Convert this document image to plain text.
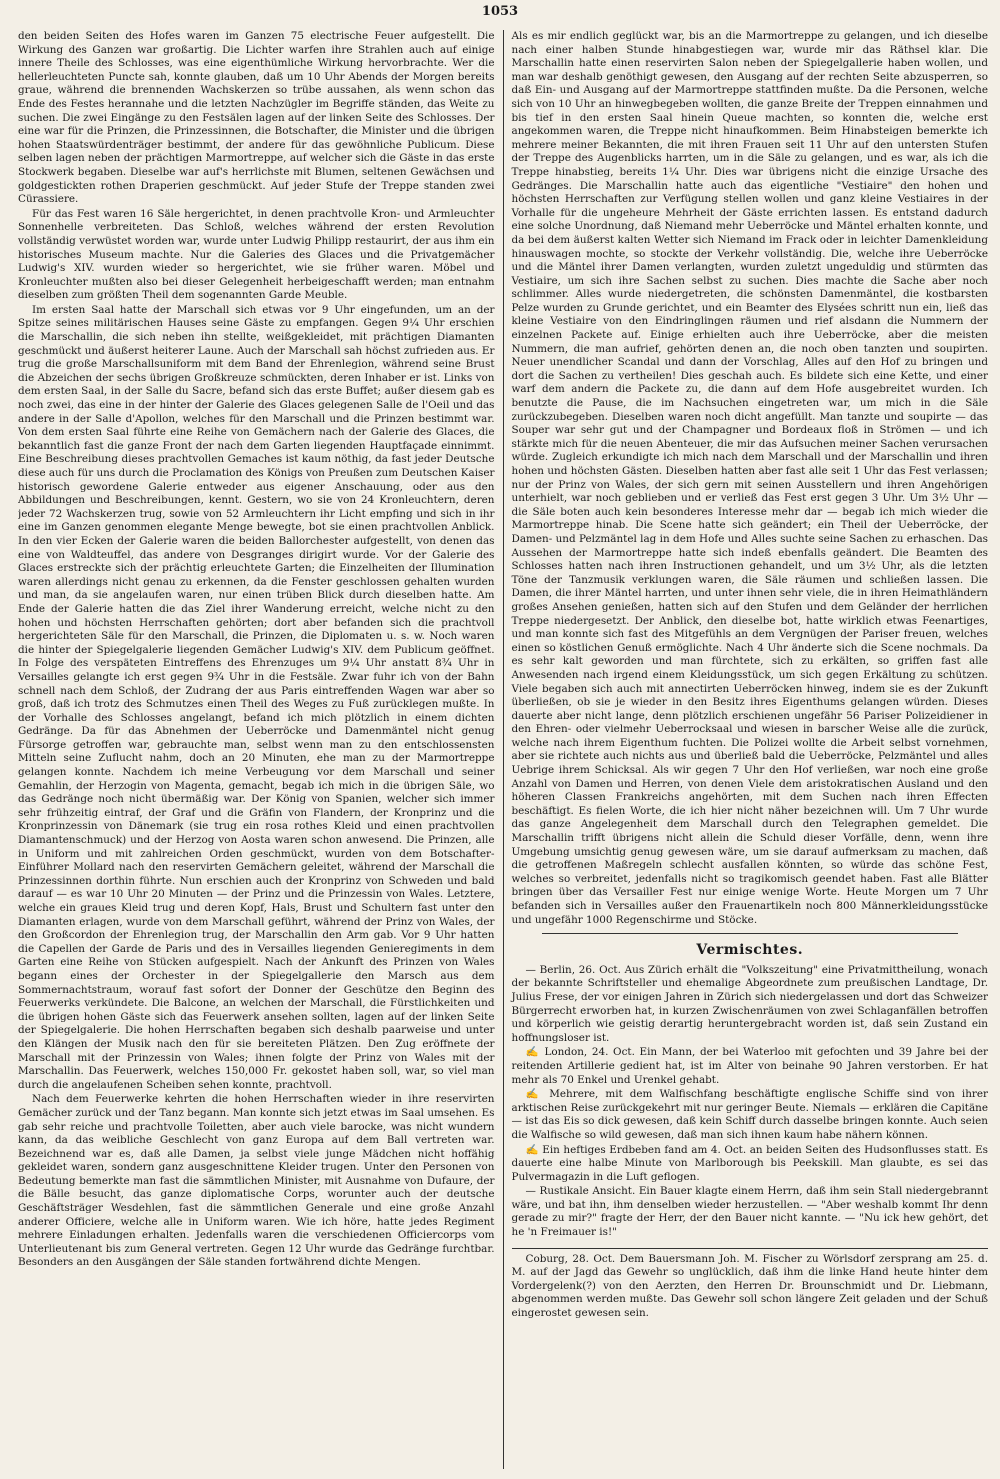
1053

den beiden Seiten des Hofes waren im Ganzen 75 electrische Feuer aufgestellt. Die Wirkung des Ganzen war großartig. Die Lichter warfen ihre Strahlen auch auf einige innere Theile des Schlosses, was eine eigenthümliche Wirkung hervorbrachte. Wer die hellerleuchteten Puncte sah, konnte glauben, daß um 10 Uhr Abends der Morgen bereits graue, während die brennenden Wachskerzen so trübe aussahen, als wenn schon das Ende des Festes herannahe und die letzten Nachzügler im Begriffe ständen, das Weite zu suchen. Die zwei Eingänge zu den Festsälen lagen auf der linken Seite des Schlosses. Der eine war für die Prinzen, die Prinzessinnen, die Botschafter, die Minister und die übrigen hohen Staatswürdenträger bestimmt, der andere für das gewöhnliche Publicum. Diese selben lagen neben der prächtigen Marmortreppe, auf welcher sich die Gäste in das erste Stockwerk begaben. Dieselbe war auf's herrlichste mit Blumen, seltenen Gewächsen und goldgestickten rothen Draperien geschmückt. Auf jeder Stufe der Treppe standen zwei Cürassiere.

Für das Fest waren 16 Säle hergerichtet, in denen prachtvolle Kron- und Armleuchter Sonnenhelle verbreiteten. Das Schloß, welches während der ersten Revolution vollständig verwüstet worden war, wurde unter Ludwig Philipp restaurirt, der aus ihm ein historisches Museum machte. Nur die Galeries des Glaces und die Privatgemächer Ludwig's XIV. wurden wieder so hergerichtet, wie sie früher waren. Möbel und Kronleuchter mußten also bei dieser Gelegenheit herbeigeschafft werden; man entnahm dieselben zum größten Theil dem sogenannten Garde Meuble.

Im ersten Saal hatte der Marschall sich etwas vor 9 Uhr eingefunden, um an der Spitze seines militärischen Hauses seine Gäste zu empfangen. Gegen 9¼ Uhr erschien die Marschallin, die sich neben ihn stellte, weißgekleidet, mit prächtigen Diamanten geschmückt und äußerst heiterer Laune. Auch der Marschall sah höchst zufrieden aus. Er trug die große Marschallsuniform mit dem Band der Ehrenlegion, während seine Brust die Abzeichen der sechs übrigen Großkreuze schmückten, deren Inhaber er ist. Links von dem ersten Saal, in der Salle du Sacre, befand sich das erste Buffet; außer diesem gab es noch zwei, das eine in der hinter der Galerie des Glaces gelegenen Salle de l'Oeil und das andere in der Salle d'Apollon, welches für den Marschall und die Prinzen bestimmt war. Von dem ersten Saal führte eine Reihe von Gemächern nach der Galerie des Glaces, die bekanntlich fast die ganze Front der nach dem Garten liegenden Hauptfaçade einnimmt. Eine Beschreibung dieses prachtvollen Gemaches ist kaum nöthig, da fast jeder Deutsche diese auch für uns durch die Proclamation des Königs von Preußen zum Deutschen Kaiser historisch gewordene Galerie entweder aus eigener Anschauung, oder aus den Abbildungen und Beschreibungen, kennt. Gestern, wo sie von 24 Kronleuchtern, deren jeder 72 Wachskerzen trug, sowie von 52 Armleuchtern ihr Licht empfing und sich in ihr eine im Ganzen genommen elegante Menge bewegte, bot sie einen prachtvollen Anblick. In den vier Ecken der Galerie waren die beiden Ballorchester aufgestellt, von denen das eine von Waldteuffel, das andere von Desgranges dirigirt wurde. Vor der Galerie des Glaces erstreckte sich der prächtig erleuchtete Garten; die Einzelheiten der Illumination waren allerdings nicht genau zu erkennen, da die Fenster geschlossen gehalten wurden und man, da sie angelaufen waren, nur einen trüben Blick durch dieselben hatte. Am Ende der Galerie hatten die das Ziel ihrer Wanderung erreicht, welche nicht zu den hohen und höchsten Herrschaften gehörten; dort aber befanden sich die prachtvoll hergerichteten Säle für den Marschall, die Prinzen, die Diplomaten u. s. w. Noch waren die hinter der Spiegelgalerie liegenden Gemächer Ludwig's XIV. dem Publicum geöffnet. In Folge des verspäteten Eintreffens des Ehrenzuges um 9¼ Uhr anstatt 8¾ Uhr in Versailles gelangte ich erst gegen 9¾ Uhr in die Festsäle. Zwar fuhr ich von der Bahn schnell nach dem Schloß, der Zudrang der aus Paris eintreffenden Wagen war aber so groß, daß ich trotz des Schmutzes einen Theil des Weges zu Fuß zurücklegen mußte. In der Vorhalle des Schlosses angelangt, befand ich mich plötzlich in einem dichten Gedränge. Da für das Abnehmen der Ueberröcke und Damenmäntel nicht genug Fürsorge getroffen war, gebrauchte man, selbst wenn man zu den entschlossensten Mitteln seine Zuflucht nahm, doch an 20 Minuten, ehe man zu der Marmortreppe gelangen konnte. Nachdem ich meine Verbeugung vor dem Marschall und seiner Gemahlin, der Herzogin von Magenta, gemacht, begab ich mich in die übrigen Säle, wo das Gedränge noch nicht übermäßig war. Der König von Spanien, welcher sich immer sehr frühzeitig eintraf, der Graf und die Gräfin von Flandern, der Kronprinz und die Kronprinzessin von Dänemark (sie trug ein rosa rothes Kleid und einen prachtvollen Diamantenschmuck) und der Herzog von Aosta waren schon anwesend. Die Prinzen, alle in Uniform und mit zahlreichen Orden geschmückt, wurden von dem Botschafter-Einführer Mollard nach den reservirten Gemächern geleitet, während der Marschall die Prinzessinnen dorthin führte. Nun erschien auch der Kronprinz von Schweden und bald darauf — es war 10 Uhr 20 Minuten — der Prinz und die Prinzessin von Wales. Letztere, welche ein graues Kleid trug und deren Kopf, Hals, Brust und Schultern fast unter den Diamanten erlagen, wurde von dem Marschall geführt, während der Prinz von Wales, der den Großcordon der Ehrenlegion trug, der Marschallin den Arm gab. Vor 9 Uhr hatten die Capellen der Garde de Paris und des in Versailles liegenden Genieregiments in dem Garten eine Reihe von Stücken aufgespielt. Nach der Ankunft des Prinzen von Wales begann eines der Orchester in der Spiegelgallerie den Marsch aus dem Sommernachtstraum, worauf fast sofort der Donner der Geschütze den Beginn des Feuerwerks verkündete. Die Balcone, an welchen der Marschall, die Fürstlichkeiten und die übrigen hohen Gäste sich das Feuerwerk ansehen sollten, lagen auf der linken Seite der Spiegelgalerie. Die hohen Herrschaften begaben sich deshalb paarweise und unter den Klängen der Musik nach den für sie bereiteten Plätzen. Den Zug eröffnete der Marschall mit der Prinzessin von Wales; ihnen folgte der Prinz von Wales mit der Marschallin. Das Feuerwerk, welches 150,000 Fr. gekostet haben soll, war, so viel man durch die angelaufenen Scheiben sehen konnte, prachtvoll.

Nach dem Feuerwerke kehrten die hohen Herrschaften wieder in ihre reservirten Gemächer zurück und der Tanz begann. Man konnte sich jetzt etwas im Saal umsehen. Es gab sehr reiche und prachtvolle Toiletten, aber auch viele barocke, was nicht wundern kann, da das weibliche Geschlecht von ganz Europa auf dem Ball vertreten war. Bezeichnend war es, daß alle Damen, ja selbst viele junge Mädchen nicht hoffähig gekleidet waren, sondern ganz ausgeschnittene Kleider trugen. Unter den Personen von Bedeutung bemerkte man fast die sämmtlichen Minister, mit Ausnahme von Dufaure, der die Bälle besucht, das ganze diplomatische Corps, worunter auch der deutsche Geschäftsträger Wesdehlen, fast die sämmtlichen Generale und eine große Anzahl anderer Officiere, welche alle in Uniform waren. Wie ich höre, hatte jedes Regiment mehrere Einladungen erhalten. Jedenfalls waren die verschiedenen Officiercorps vom Unterlieutenant bis zum General vertreten. Gegen 12 Uhr wurde das Gedränge furchtbar. Besonders an den Ausgängen der Säle standen fortwährend dichte Mengen.

Als es mir endlich geglückt war, bis an die Marmortreppe zu gelangen, und ich dieselbe nach einer halben Stunde hinabgestiegen war, wurde mir das Räthsel klar. Die Marschallin hatte einen reservirten Salon neben der Spiegelgallerie haben wollen, und man war deshalb genöthigt gewesen, den Ausgang auf der rechten Seite abzusperren, so daß Ein- und Ausgang auf der Marmortreppe stattfinden mußte. Da die Personen, welche sich von 10 Uhr an hinwegbegeben wollten, die ganze Breite der Treppen einnahmen und bis tief in den ersten Saal hinein Queue machten, so konnten die, welche erst angekommen waren, die Treppe nicht hinaufkommen. Beim Hinabsteigen bemerkte ich mehrere meiner Bekannten, die mit ihren Frauen seit 11 Uhr auf den untersten Stufen der Treppe des Augenblicks harrten, um in die Säle zu gelangen, und es war, als ich die Treppe hinabstieg, bereits 1¼ Uhr. Dies war übrigens nicht die einzige Ursache des Gedränges. Die Marschallin hatte auch das eigentliche "Vestiaire" den hohen und höchsten Herrschaften zur Verfügung stellen wollen und ganz kleine Vestiaires in der Vorhalle für die ungeheure Mehrheit der Gäste errichten lassen. Es entstand dadurch eine solche Unordnung, daß Niemand mehr Ueberröcke und Mäntel erhalten konnte, und da bei dem äußerst kalten Wetter sich Niemand im Frack oder in leichter Damenkleidung hinauswagen mochte, so stockte der Verkehr vollständig. Die, welche ihre Ueberröcke und die Mäntel ihrer Damen verlangten, wurden zuletzt ungeduldig und stürmten das Vestiaire, um sich ihre Sachen selbst zu suchen. Dies machte die Sache aber noch schlimmer. Alles wurde niedergetreten, die schönsten Damenmäntel, die kostbarsten Pelze wurden zu Grunde gerichtet, und ein Beamter des Elysées schritt nun ein, ließ das kleine Vestiaire von den Eindringlingen räumen und rief alsdann die Nummern der einzelnen Packete auf. Einige erhielten auch ihre Ueberröcke, aber die meisten Nummern, die man aufrief, gehörten denen an, die noch oben tanzten und soupirten. Neuer unendlicher Scandal und dann der Vorschlag, Alles auf den Hof zu bringen und dort die Sachen zu vertheilen! Dies geschah auch. Es bildete sich eine Kette, und einer warf dem andern die Packete zu, die dann auf dem Hofe ausgebreitet wurden. Ich benutzte die Pause, die im Nachsuchen eingetreten war, um mich in die Säle zurückzubegeben. Dieselben waren noch dicht angefüllt. Man tanzte und soupirte — das Souper war sehr gut und der Champagner und Bordeaux floß in Strömen — und ich stärkte mich für die neuen Abenteuer, die mir das Aufsuchen meiner Sachen verursachen würde. Zugleich erkundigte ich mich nach dem Marschall und der Marschallin und ihren hohen und höchsten Gästen. Dieselben hatten aber fast alle seit 1 Uhr das Fest verlassen; nur der Prinz von Wales, der sich gern mit seinen Ausstellern und ihren Angehörigen unterhielt, war noch geblieben und er verließ das Fest erst gegen 3 Uhr. Um 3½ Uhr — die Säle boten auch kein besonderes Interesse mehr dar — begab ich mich wieder die Marmortreppe hinab. Die Scene hatte sich geändert; ein Theil der Ueberröcke, der Damen- und Pelzmäntel lag in dem Hofe und Alles suchte seine Sachen zu erhaschen. Das Aussehen der Marmortreppe hatte sich indeß ebenfalls geändert. Die Beamten des Schlosses hatten nach ihren Instructionen gehandelt, und um 3½ Uhr, als die letzten Töne der Tanzmusik verklungen waren, die Säle räumen und schließen lassen. Die Damen, die ihrer Mäntel harrten, und unter ihnen sehr viele, die in ihren Heimathländern großes Ansehen genießen, hatten sich auf den Stufen und dem Geländer der herrlichen Treppe niedergesetzt. Der Anblick, den dieselbe bot, hatte wirklich etwas Feenartiges, und man konnte sich fast des Mitgefühls an dem Vergnügen der Pariser freuen, welches einen so köstlichen Genuß ermöglichte. Nach 4 Uhr änderte sich die Scene nochmals. Da es sehr kalt geworden und man fürchtete, sich zu erkälten, so griffen fast alle Anwesenden nach irgend einem Kleidungsstück, um sich gegen Erkältung zu schützen. Viele begaben sich auch mit annectirten Ueberröcken hinweg, indem sie es der Zukunft überließen, ob sie je wieder in den Besitz ihres Eigenthums gelangen würden. Dieses dauerte aber nicht lange, denn plötzlich erschienen ungefähr 56 Pariser Polizeidiener in den Ehren- oder vielmehr Ueberrocksaal und wiesen in barscher Weise alle die zurück, welche nach ihrem Eigenthum fuchten. Die Polizei wollte die Arbeit selbst vornehmen, aber sie richtete auch nichts aus und überließ bald die Ueberröcke, Pelzmäntel und alles Uebrige ihrem Schicksal. Als wir gegen 7 Uhr den Hof verließen, war noch eine große Anzahl von Damen und Herren, von denen Viele dem aristokratischen Ausland und den höheren Classen Frankreichs angehörten, mit dem Suchen nach ihren Effecten beschäftigt. Es fielen Worte, die ich hier nicht näher bezeichnen will. Um 7 Uhr wurde das ganze Angelegenheit dem Marschall durch den Telegraphen gemeldet. Die Marschallin trifft übrigens nicht allein die Schuld dieser Vorfälle, denn, wenn ihre Umgebung umsichtig genug gewesen wäre, um sie darauf aufmerksam zu machen, daß die getroffenen Maßregeln schlecht ausfallen könnten, so würde das schöne Fest, welches so verbreitet, jedenfalls nicht so tragikomisch geendet haben. Fast alle Blätter bringen über das Versailler Fest nur einige wenige Worte. Heute Morgen um 7 Uhr befanden sich in Versailles außer den Frauenartikeln noch 800 Männerkleidungsstücke und ungefähr 1000 Regenschirme und Stöcke.

Vermischtes.

— Berlin, 26. Oct. Aus Zürich erhält die "Volkszeitung" eine Privatmittheilung, wonach der bekannte Schriftsteller und ehemalige Abgeordnete zum preußischen Landtage, Dr. Julius Frese, der vor einigen Jahren in Zürich sich niedergelassen und dort das Schweizer Bürgerrecht erworben hat, in kurzen Zwischenräumen von zwei Schlaganfällen betroffen und körperlich wie geistig derartig heruntergebracht worden ist, daß sein Zustand ein hoffnungsloser ist.

✍ London, 24. Oct. Ein Mann, der bei Waterloo mit gefochten und 39 Jahre bei der reitenden Artillerie gedient hat, ist im Alter von beinahe 90 Jahren verstorben. Er hat mehr als 70 Enkel und Urenkel gehabt.

✍ Mehrere, mit dem Walfischfang beschäftigte englische Schiffe sind von ihrer arktischen Reise zurückgekehrt mit nur geringer Beute. Niemals — erklären die Capitäne — ist das Eis so dick gewesen, daß kein Schiff durch dasselbe bringen konnte. Auch seien die Walfische so wild gewesen, daß man sich ihnen kaum habe nähern können.

✍ Ein heftiges Erdbeben fand am 4. Oct. an beiden Seiten des Hudsonflusses statt. Es dauerte eine halbe Minute von Marlborough bis Peekskill. Man glaubte, es sei das Pulvermagazin in die Luft geflogen.

— Rustikale Ansicht. Ein Bauer klagte einem Herrn, daß ihm sein Stall niedergebrannt wäre, und bat ihn, ihm denselben wieder herzustellen. — "Aber weshalb kommt Ihr denn gerade zu mir?" fragte der Herr, der den Bauer nicht kannte. — "Nu ick hew gehört, det he 'n Freimauer is!"

Coburg, 28. Oct. Dem Bauersmann Joh. M. Fischer zu Wörlsdorf zersprang am 25. d. M. auf der Jagd das Gewehr so unglücklich, daß ihm die linke Hand heute hinter dem Vordergelenk(?) von den Aerzten, den Herren Dr. Brounschmidt und Dr. Liebmann, abgenommen werden mußte. Das Gewehr soll schon längere Zeit geladen und der Schuß eingerostet gewesen sein.
